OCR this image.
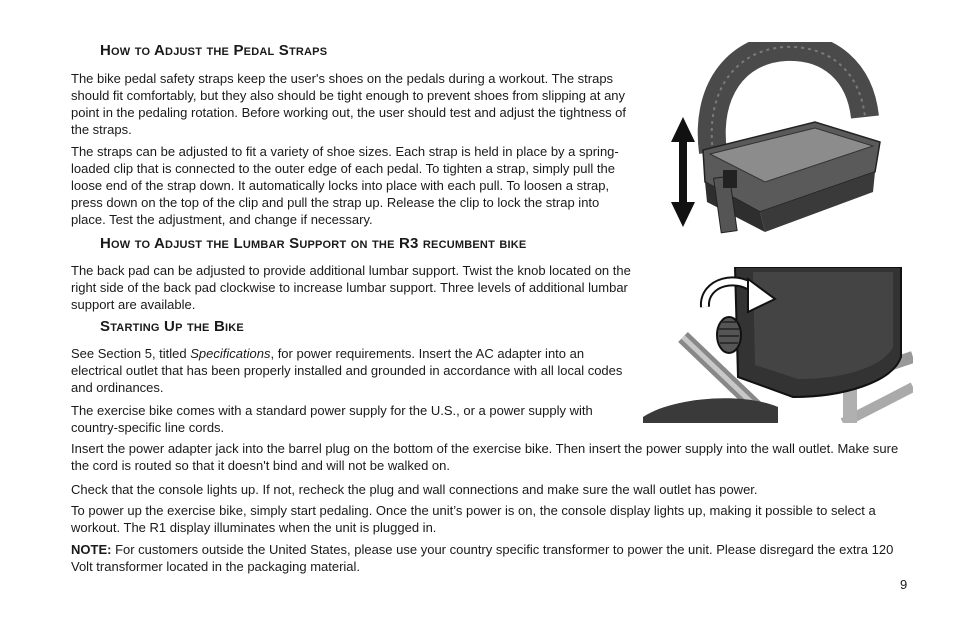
How to Adjust the Pedal Straps

The bike pedal safety straps keep the user's shoes on the pedals during a workout. The straps should fit comfortably, but they also should be tight enough to prevent shoes from slipping at any point in the pedaling rotation. Before working out, the user should test and adjust the tightness of the straps.

The straps can be adjusted to fit a variety of shoe sizes. Each strap is held in place by a spring-loaded clip that is connected to the outer edge of each pedal. To tighten a strap, simply pull the loose end of the strap down. It automatically locks into place with each pull. To loosen a strap, press down on the top of the clip and pull the strap up. Release the clip to lock the strap into place. Test the adjustment, and change if necessary.

How to Adjust the Lumbar Support on the R3 recumbent bike

The back pad can be adjusted to provide additional lumbar support. Twist the knob located on the right side of the back pad clockwise to increase lumbar support. Three levels of additional lumbar support are available.

Starting Up the Bike

See Section 5, titled Specifications, for power requirements. Insert the AC adapter into an electrical outlet that has been properly installed and grounded in accordance with all local codes and ordinances.

The exercise bike comes with a standard power supply for the U.S., or a power supply with country-specific line cords.

Insert the power adapter jack into the barrel plug on the bottom of the exercise bike. Then insert the power supply into the wall outlet. Make sure the cord is routed so that it doesn't bind and will not be walked on.

Check that the console lights up. If not, recheck the plug and wall connections and make sure the wall outlet has power.

To power up the exercise bike, simply start pedaling. Once the unit’s power is on, the console display lights up, making it possible to select a workout. The R1 display illuminates when the unit is plugged in.

NOTE: For customers outside the United States, please use your country specific transformer to power the unit. Please disregard the extra 120 Volt transformer located in the packaging material.

9
